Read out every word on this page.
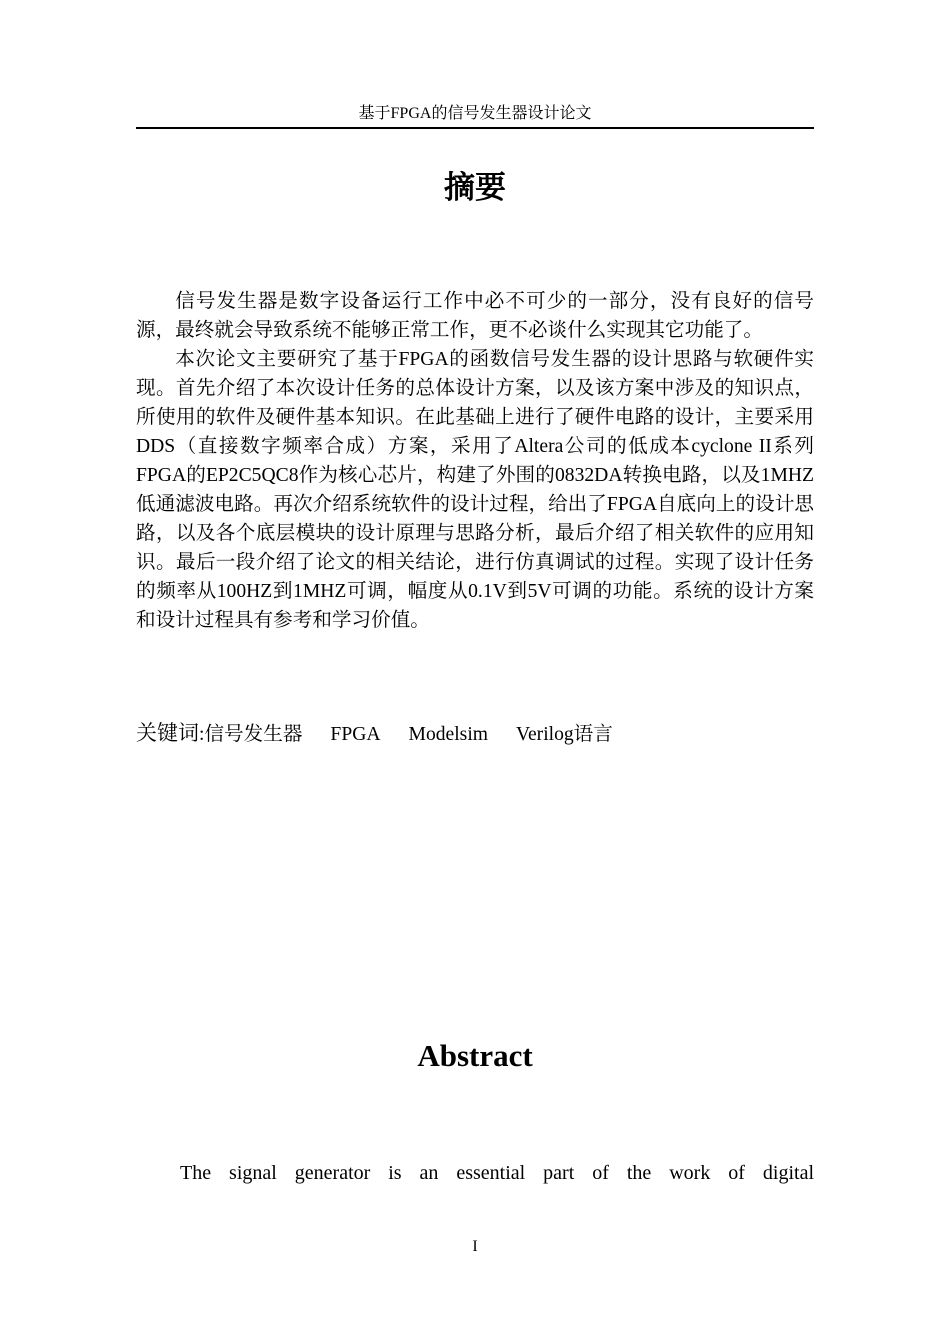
基于FPGA的信号发生器设计论文
摘要

信号发生器是数字设备运行工作中必不可少的一部分，没有良好的信号源，最终就会导致系统不能够正常工作，更不必谈什么实现其它功能了。

本次论文主要研究了基于FPGA的函数信号发生器的设计思路与软硬件实现。首先介绍了本次设计任务的总体设计方案，以及该方案中涉及的知识点，所使用的软件及硬件基本知识。在此基础上进行了硬件电路的设计，主要采用DDS（直接数字频率合成）方案，采用了Altera公司的低成本cyclone II系列FPGA的EP2C5QC8作为核心芯片，构建了外围的0832DA转换电路，以及1MHZ低通滤波电路。再次介绍系统软件的设计过程，给出了FPGA自底向上的设计思路，以及各个底层模块的设计原理与思路分析，最后介绍了相关软件的应用知识。最后一段介绍了论文的相关结论，进行仿真调试的过程。实现了设计任务的频率从100HZ到1MHZ可调，幅度从0.1V到5V可调的功能。系统的设计方案和设计过程具有参考和学习价值。

关键词:信号发生器 FPGA Modelsim Verilog语言
Abstract

The signal generator is an essential part of the work of digital

I
